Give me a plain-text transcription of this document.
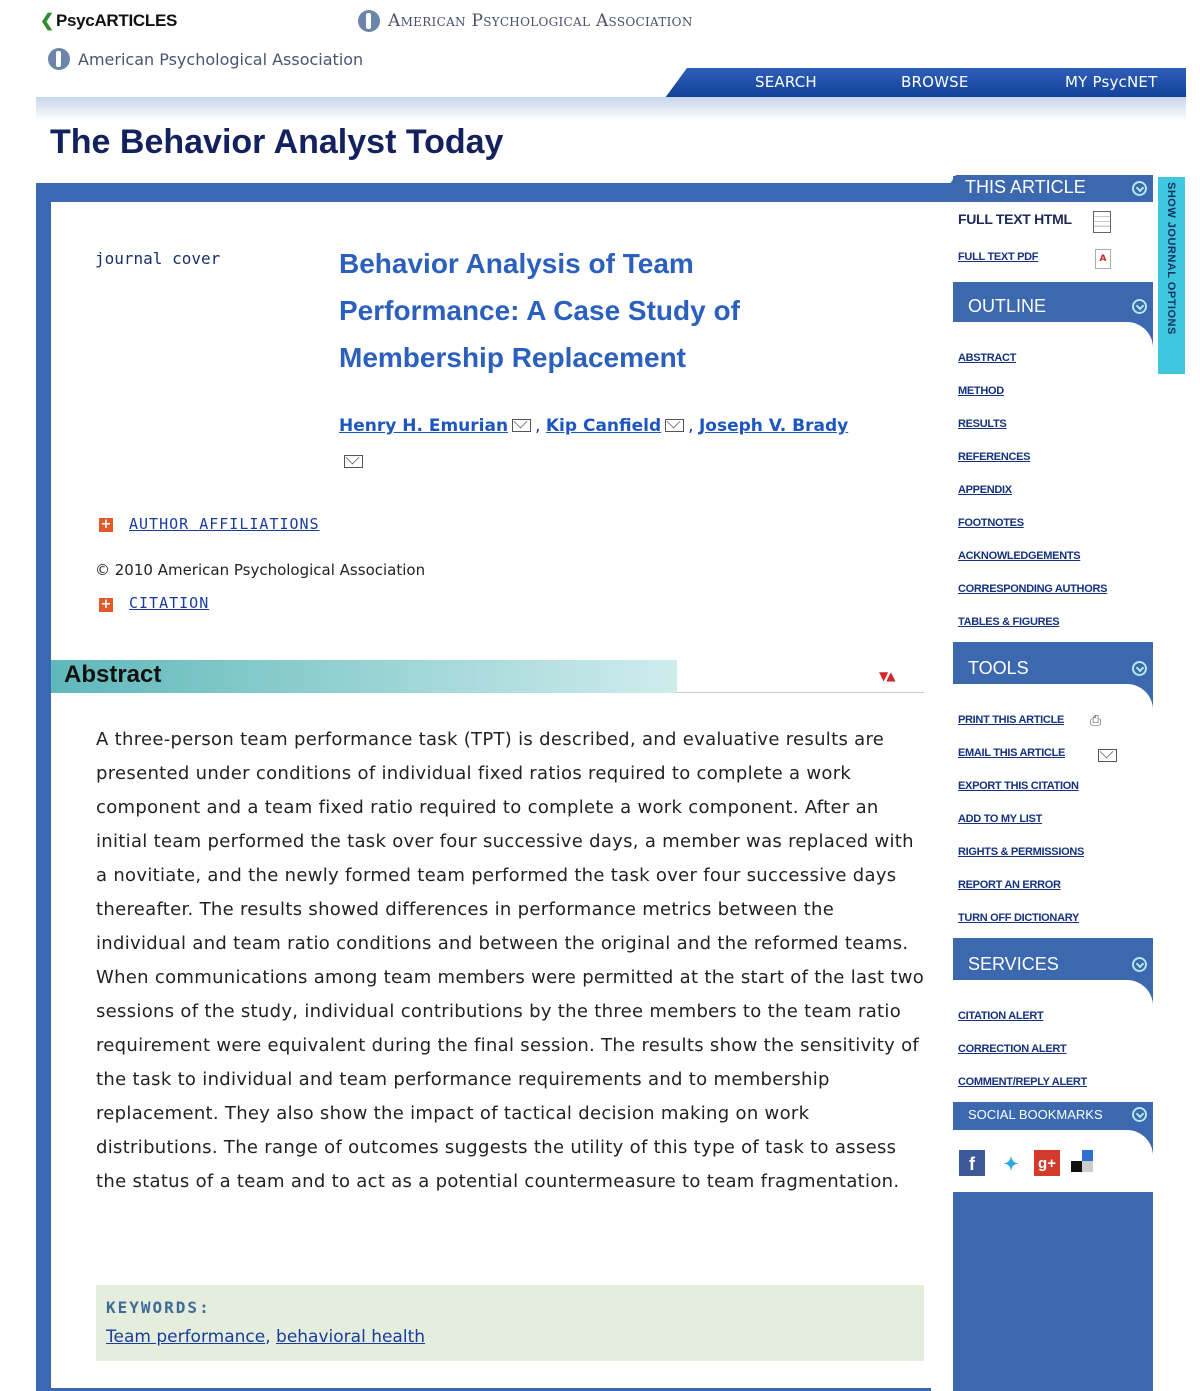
❮ PsycARTICLES	American Psychological Association
American Psychological Association
SEARCH	BROWSE	MY PsycNET
The Behavior Analyst Today
journal cover	Behavior Analysis of Team Performance: A Case Study of Membership Replacement
Henry H. Emurian , Kip Canfield , Joseph V. Brady

+ AUTHOR AFFILIATIONS
© 2010 American Psychological Association
+ CITATION
Abstract	▼▲

A three-person team performance task (TPT) is described, and evaluative results are presented under conditions of individual fixed ratios required to complete a work component and a team fixed ratio required to complete a work component. After an initial team performed the task over four successive days, a member was replaced with a novitiate, and the newly formed team performed the task over four successive days thereafter. The results showed differences in performance metrics between the individual and team ratio conditions and between the original and the reformed teams. When communications among team members were permitted at the start of the last two sessions of the study, individual contributions by the three members to the team ratio requirement were equivalent during the final session. The results show the sensitivity of the task to individual and team performance requirements and to membership replacement. They also show the impact of tactical decision making on work distributions. The range of outcomes suggests the utility of this type of task to assess the status of a team and to act as a potential countermeasure to team fragmentation.

KEYWORDS:
Team performance, behavioral health
THIS ARTICLE
FULL TEXT HTML
FULL TEXT PDF	A
OUTLINE
ABSTRACT
METHOD
RESULTS
REFERENCES
APPENDIX
FOOTNOTES
ACKNOWLEDGEMENTS
CORRESPONDING AUTHORS
TABLES & FIGURES
TOOLS
PRINT THIS ARTICLE ⎙
EMAIL THIS ARTICLE
EXPORT THIS CITATION
ADD TO MY LIST
RIGHTS & PERMISSIONS
REPORT AN ERROR
TURN OFF DICTIONARY
SERVICES
CITATION ALERT
CORRECTION ALERT
COMMENT/REPLY ALERT
SOCIAL BOOKMARKS
f	✦ g+
SHOW JOURNAL OPTIONS
